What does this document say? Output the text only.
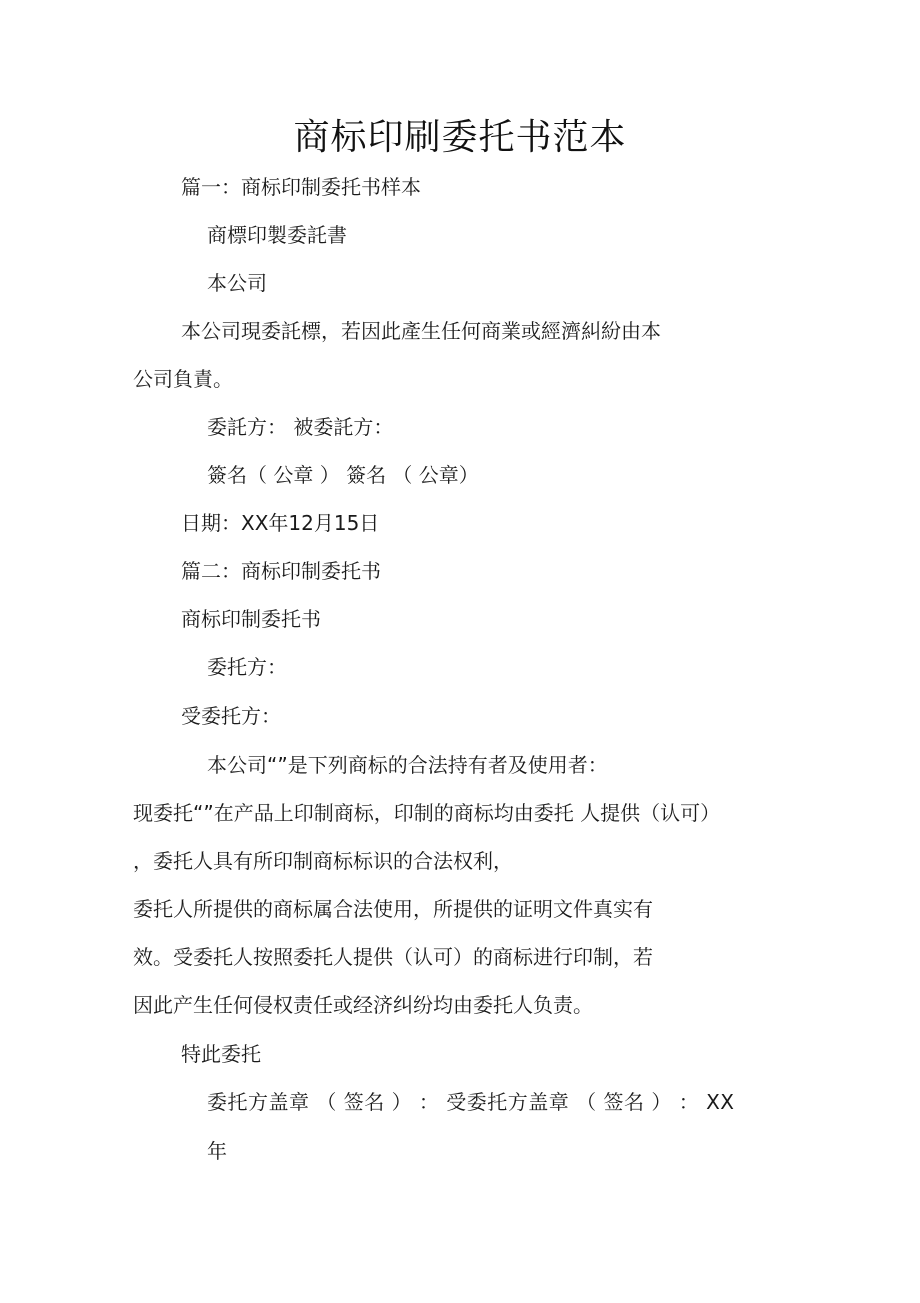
商标印刷委托书范本
篇一：商标印制委托书样本
商標印製委託書
本公司
本公司現委託標，若因此產生任何商業或經濟糾紛由本
公司負責。
委託方： 被委託方：
簽名（ 公章 ） 簽名 （ 公章）
日期：XX年12月15日
篇二：商标印制委托书
商标印制委托书
委托方：
受委托方：
本公司“”是下列商标的合法持有者及使用者：
现委托“”在产品上印制商标，印制的商标均由委托 人提供（认可）
，委托人具有所印制商标标识的合法权利，
委托人所提供的商标属合法使用，所提供的证明文件真实有
效。受委托人按照委托人提供（认可）的商标进行印制，若
因此产生任何侵权责任或经济纠纷均由委托人负责。
特此委托
委托方盖章 （ 签名 ） ： 受委托方盖章 （ 签名 ） ： XX
年
